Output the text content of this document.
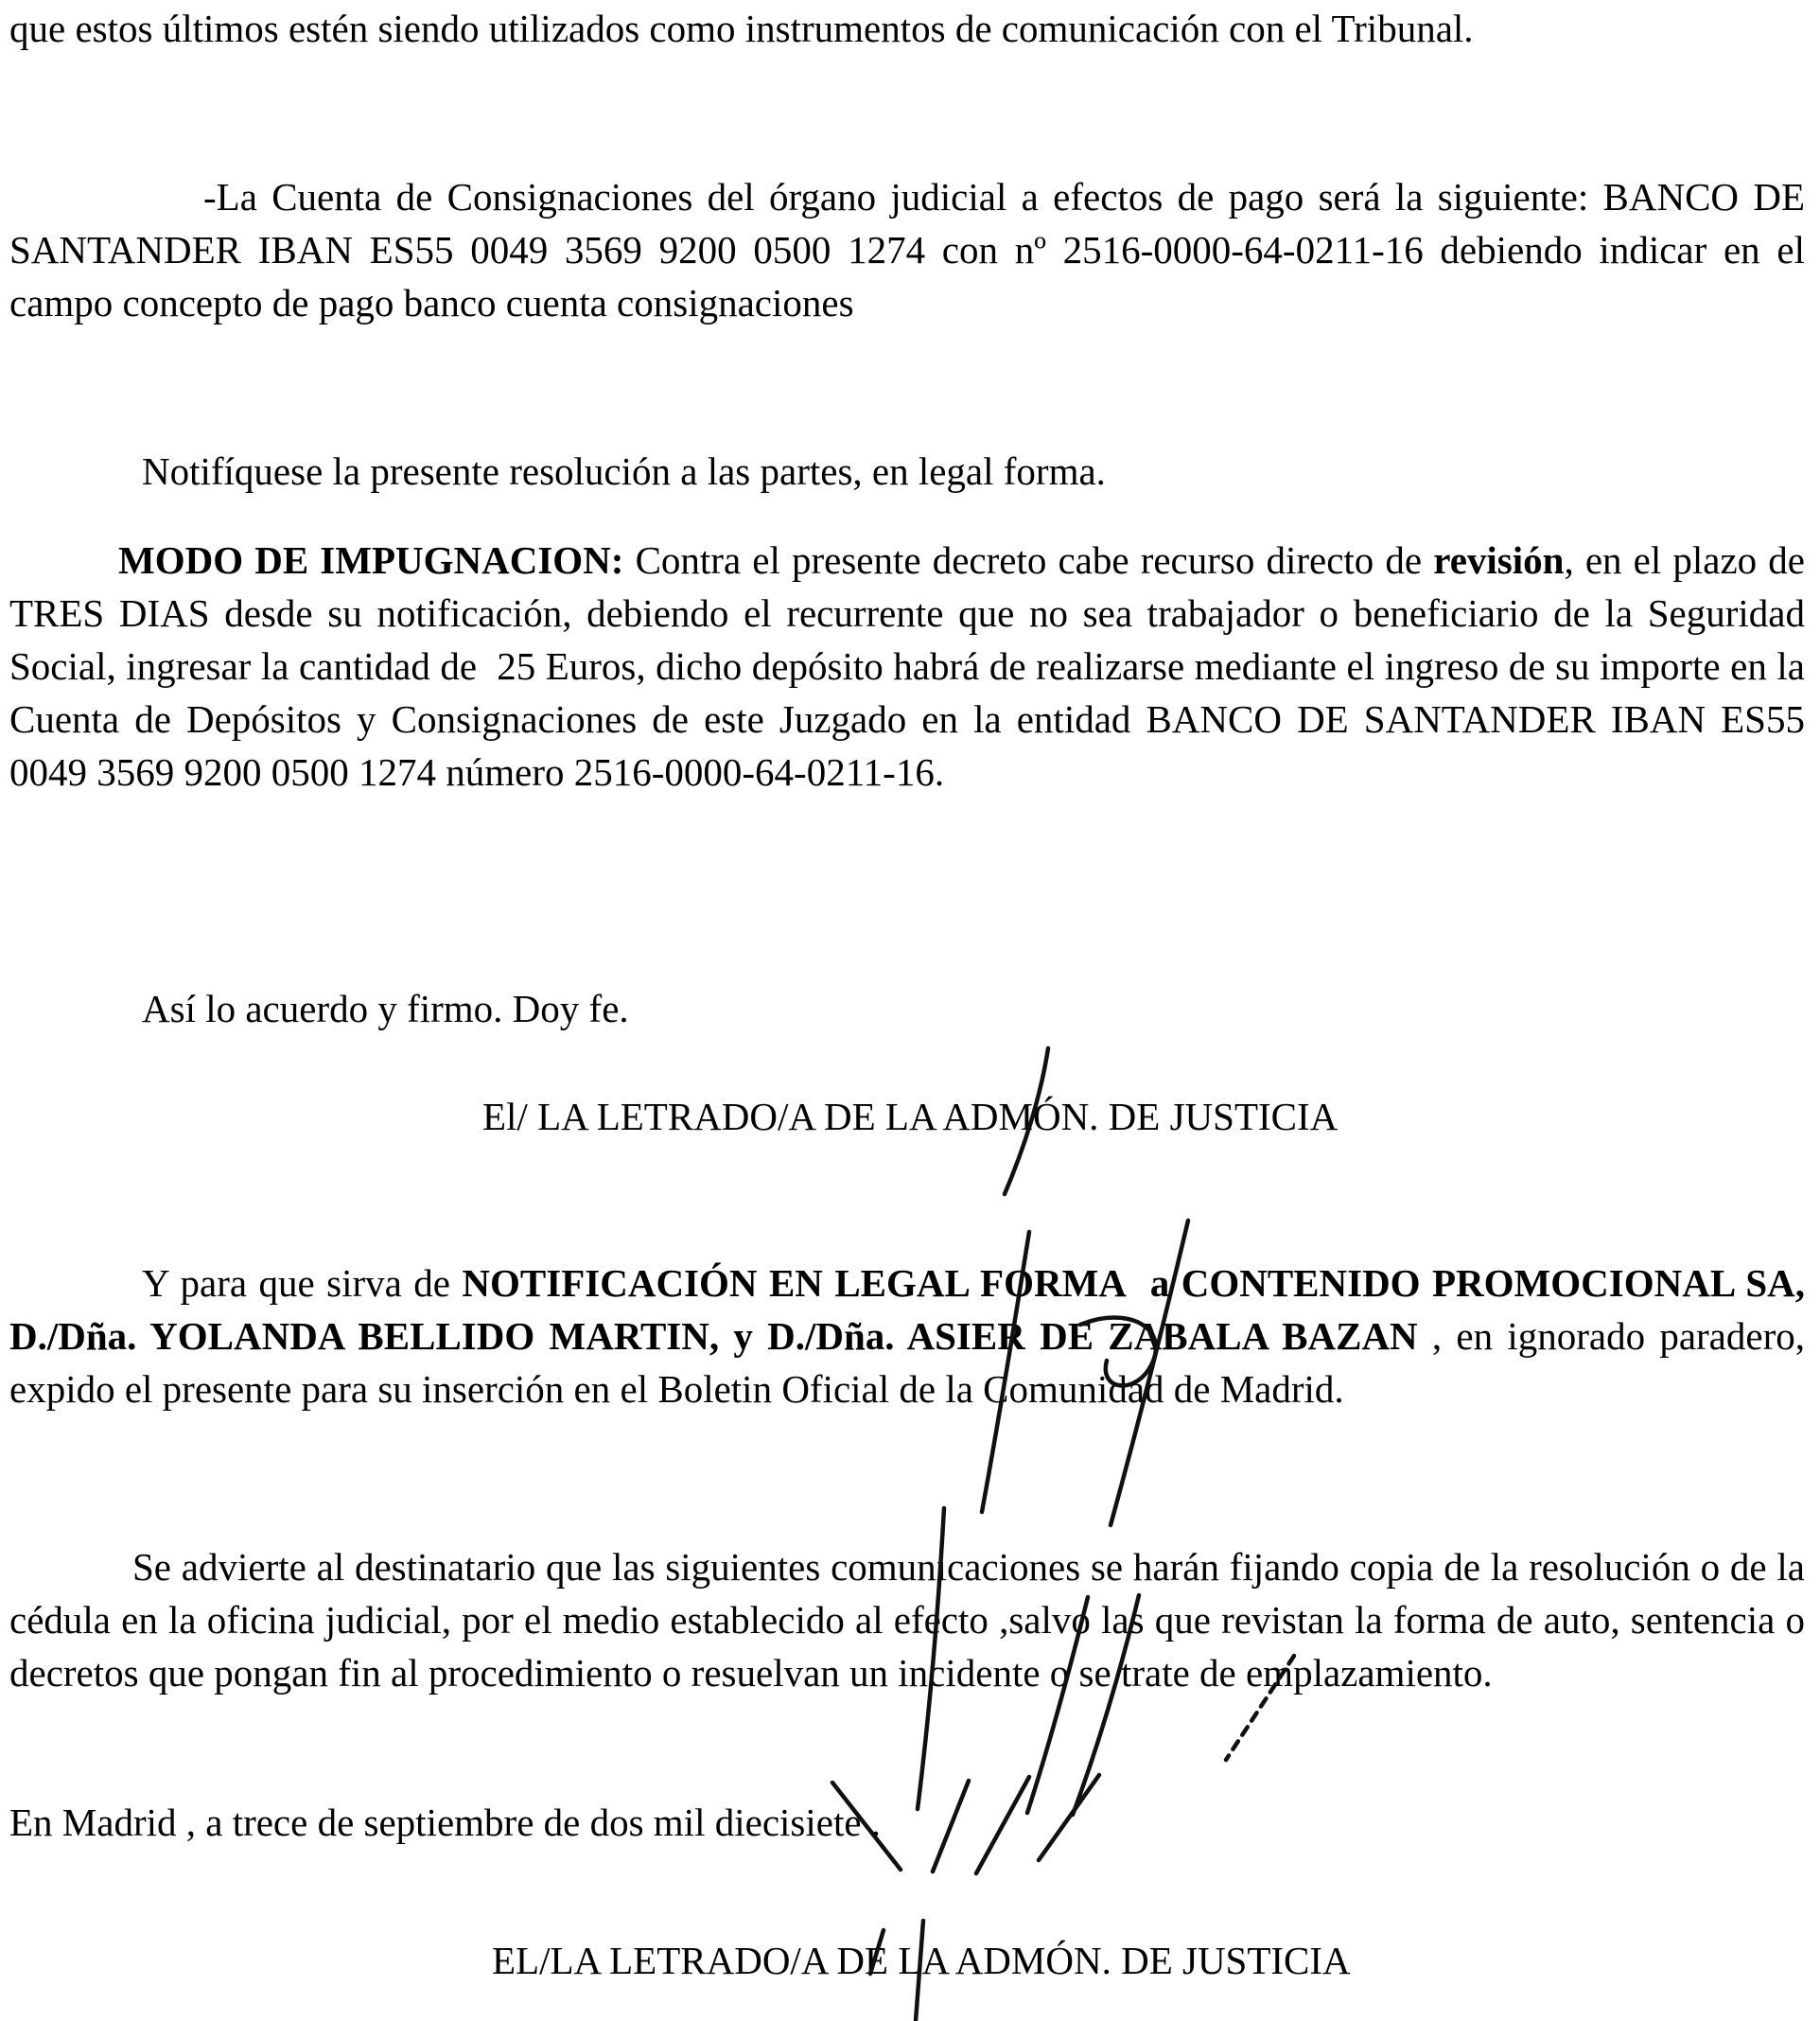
que estos últimos estén siendo utilizados como instrumentos de comunicación con el Tribunal.
-La Cuenta de Consignaciones del órgano judicial a efectos de pago será la siguiente: BANCO DE SANTANDER IBAN ES55 0049 3569 9200 0500 1274 con nº 2516-0000-64-0211-16 debiendo indicar en el campo concepto de pago banco cuenta consignaciones
Notifíquese la presente resolución a las partes, en legal forma.
MODO DE IMPUGNACION: Contra el presente decreto cabe recurso directo de revisión, en el plazo de TRES DIAS desde su notificación, debiendo el recurrente que no sea trabajador o beneficiario de la Seguridad Social, ingresar la cantidad de  25 Euros, dicho depósito habrá de realizarse mediante el ingreso de su importe en la Cuenta de Depósitos y Consignaciones de este Juzgado en la entidad BANCO DE SANTANDER IBAN ES55 0049 3569 9200 0500 1274 número 2516-0000-64-0211-16.
Así lo acuerdo y firmo. Doy fe.
El/ LA LETRADO/A DE LA ADMÓN. DE JUSTICIA
Y para que sirva de NOTIFICACIÓN EN LEGAL FORMA  a CONTENIDO PROMOCIONAL SA, D./Dña. YOLANDA BELLIDO MARTIN, y D./Dña. ASIER DE ZABALA BAZAN , en ignorado paradero, expido el presente para su inserción en el Boletin Oficial de la Comunidad de Madrid.
Se advierte al destinatario que las siguientes comunicaciones se harán fijando copia de la resolución o de la cédula en la oficina judicial, por el medio establecido al efecto ,salvo las que revistan la forma de auto, sentencia o decretos que pongan fin al procedimiento o resuelvan un incidente o se trate de emplazamiento.
En Madrid , a trece de septiembre de dos mil diecisiete .
EL/LA LETRADO/A DE LA ADMÓN. DE JUSTICIA
